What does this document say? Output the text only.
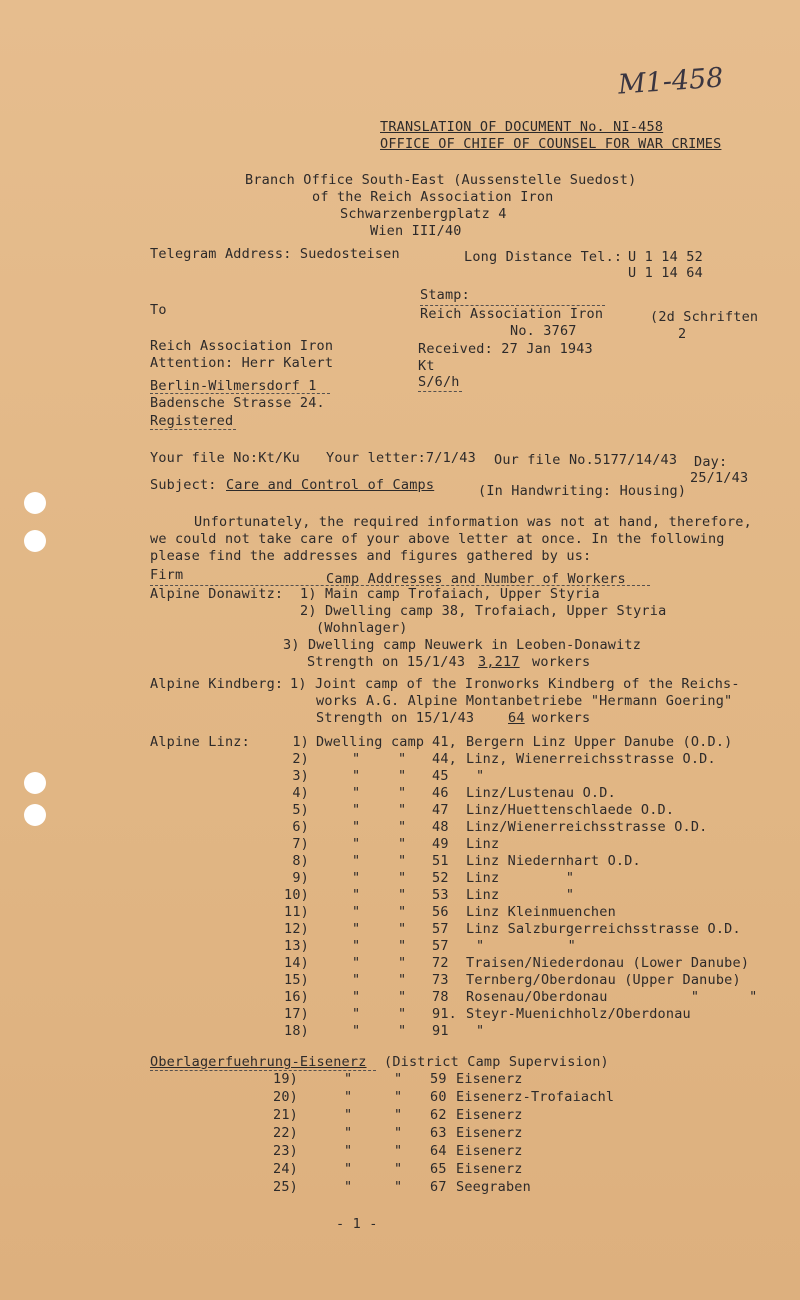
M1-458
TRANSLATION OF DOCUMENT No. NI-458
OFFICE OF CHIEF OF COUNSEL FOR WAR CRIMES
Branch Office South-East (Aussenstelle Suedost)
of the Reich Association Iron
Schwarzenbergplatz 4
Wien III/40
Telegram Address: Suedosteisen	Long Distance Tel.: U 1 14 52
U 1 14 64
Stamp:
Reich Association Iron
No. 3767
Received: 27 Jan 1943
Kt
S/6/h
(2d Schriften
2
To
Reich Association Iron
Attention: Herr Kalert
Berlin-Wilmersdorf 1
Badensche Strasse 24.
Registered
Your file No:Kt/Ku Your letter:7/1/43 Our file No.5177/14/43 Day:
25/1/43
Subject: Care and Control of Camps	(In Handwriting: Housing)
Unfortunately, the required information was not at hand, therefore,
we could not take care of your above letter at once. In the following
please find the addresses and figures gathered by us:
Firm	Camp Addresses and Number of Workers
Alpine Donawitz: 1) Main camp Trofaiach, Upper Styria
2) Dwelling camp 38, Trofaiach, Upper Styria
(Wohnlager)
3) Dwelling camp Neuwerk in Leoben-Donawitz
Strength on 15/1/43 3,217 workers
Alpine Kindberg: 1) Joint camp of the Ironworks Kindberg of the Reichs-
works A.G. Alpine Montanbetriebe "Hermann Goering"
Strength on 15/1/43	64 workers
Alpine Linz:	1) Dwelling camp 41, Bergern Linz Upper Danube (O.D.)
2)	"	" 44, Linz, Wienerreichsstrasse O.D.
3)	"	" 45 "
4)	"	" 46 Linz/Lustenau O.D.
5)	"	" 47 Linz/Huettenschlaede O.D.
6)	"	" 48 Linz/Wienerreichsstrasse O.D.
7)	"	" 49 Linz
8)	"	" 51 Linz Niedernhart O.D.
9)	"	" 52 Linz        "
10)	"	" 53 Linz        "
11)	"	" 56 Linz Kleinmuenchen
12)	"	" 57 Linz Salzburgerreichsstrasse O.D.
13)	"	" 57 "          "
14)	"	" 72 Traisen/Niederdonau (Lower Danube)
15)	"	" 73 Ternberg/Oberdonau (Upper Danube)
16)	"	" 78 Rosenau/Oberdonau          "      "
17)	"	" 91. Steyr-Muenichholz/Oberdonau
18)	"	" 91 "
Oberlagerfuehrung-Eisenerz (District Camp Supervision)
19)	"	" 59 Eisenerz
20)	"	" 60 Eisenerz-Trofaiachl
21)	"	" 62 Eisenerz
22)	"	" 63 Eisenerz
23)	"	" 64 Eisenerz
24)	"	" 65 Eisenerz
25)	"	" 67 Seegraben
- 1 -
